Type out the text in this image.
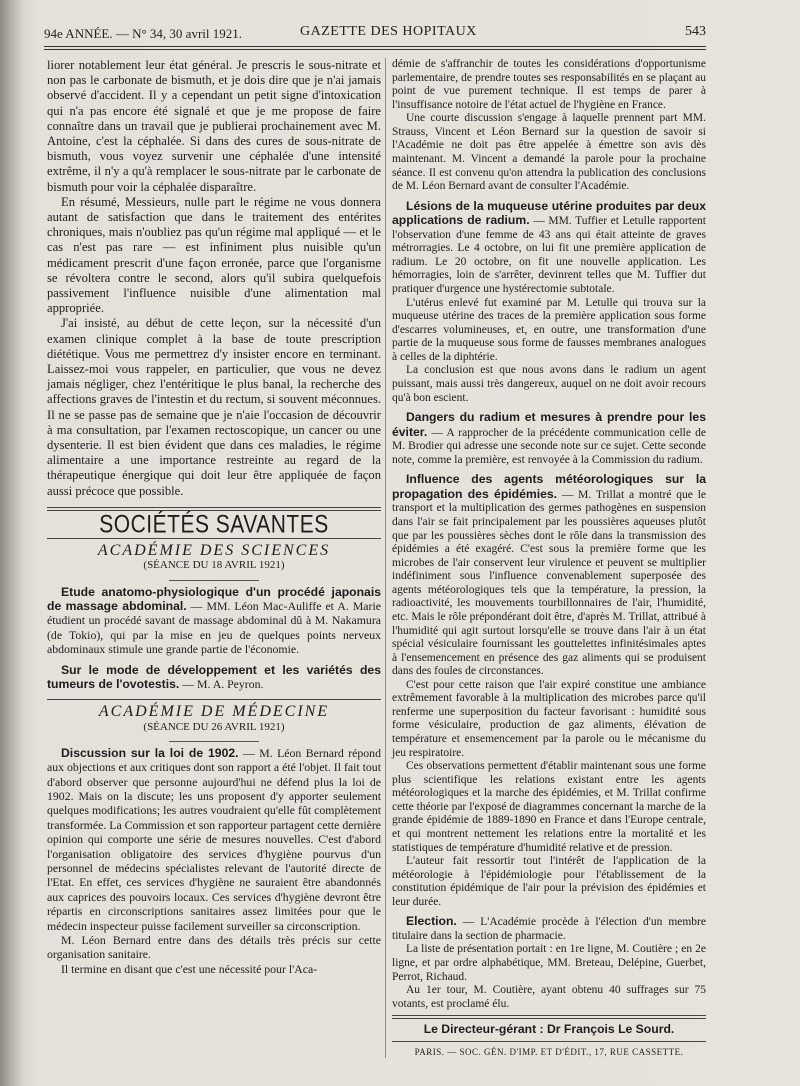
94e ANNÉE. — N° 34, 30 avril 1921.	GAZETTE DES HOPITAUX	543

liorer notablement leur état général. Je prescris le sous-nitrate et non pas le carbonate de bismuth, et je dois dire que je n'ai jamais observé d'accident. Il y a cependant un petit signe d'intoxication qui n'a pas encore été signalé et que je me propose de faire connaître dans un travail que je publierai prochainement avec M. Antoine, c'est la céphalée. Si dans des cures de sous-nitrate de bismuth, vous voyez survenir une céphalée d'une intensité extrême, il n'y a qu'à remplacer le sous-nitrate par le carbonate de bismuth pour voir la céphalée disparaître.

En résumé, Messieurs, nulle part le régime ne vous donnera autant de satisfaction que dans le traitement des entérites chroniques, mais n'oubliez pas qu'un régime mal appliqué — et le cas n'est pas rare — est infiniment plus nuisible qu'un médicament prescrit d'une façon erronée, parce que l'organisme se révoltera contre le second, alors qu'il subira quelquefois passivement l'influence nuisible d'une alimentation mal appropriée.

J'ai insisté, au début de cette leçon, sur la nécessité d'un examen clinique complet à la base de toute prescription diététique. Vous me permettrez d'y insister encore en terminant. Laissez-moi vous rappeler, en particulier, que vous ne devez jamais négliger, chez l'entéritique le plus banal, la recherche des affections graves de l'intestin et du rectum, si souvent méconnues. Il ne se passe pas de semaine que je n'aie l'occasion de découvrir à ma consultation, par l'examen rectoscopique, un cancer ou une dysenterie. Il est bien évident que dans ces maladies, le régime alimentaire a une importance restreinte au regard de la thérapeutique énergique qui doit leur être appliquée de façon aussi précoce que possible.

SOCIÉTÉS SAVANTES

ACADÉMIE DES SCIENCES

(SÉANCE DU 18 AVRIL 1921)

Etude anatomo-physiologique d'un procédé japonais de massage abdominal. — MM. Léon Mac-Auliffe et A. Marie étudient un procédé savant de massage abdominal dû à M. Nakamura (de Tokio), qui par la mise en jeu de quelques points nerveux abdominaux stimule une grande partie de l'économie.

Sur le mode de développement et les variétés des tumeurs de l'ovotestis. — M. A. Peyron.

ACADÉMIE DE MÉDECINE

(SÉANCE DU 26 AVRIL 1921)

Discussion sur la loi de 1902. — M. Léon Bernard répond aux objections et aux critiques dont son rapport a été l'objet. Il fait tout d'abord observer que personne aujourd'hui ne défend plus la loi de 1902. Mais on la discute; les uns proposent d'y apporter seulement quelques modifications; les autres voudraient qu'elle fût complètement transformée. La Commission et son rapporteur partagent cette dernière opinion qui comporte une série de mesures nouvelles. C'est d'abord l'organisation obligatoire des services d'hygiène pourvus d'un personnel de médecins spécialistes relevant de l'autorité directe de l'Etat. En effet, ces services d'hygiène ne sauraient être abandonnés aux caprices des pouvoirs locaux. Ces services d'hygiène devront être répartis en circonscriptions sanitaires assez limitées pour que le médecin inspecteur puisse facilement surveiller sa circonscription.

M. Léon Bernard entre dans des détails très précis sur cette organisation sanitaire.

Il termine en disant que c'est une nécessité pour l'Aca-

démie de s'affranchir de toutes les considérations d'opportunisme parlementaire, de prendre toutes ses responsabilités en se plaçant au point de vue purement technique. Il est temps de parer à l'insuffisance notoire de l'état actuel de l'hygiène en France.

Une courte discussion s'engage à laquelle prennent part MM. Strauss, Vincent et Léon Bernard sur la question de savoir si l'Académie ne doit pas être appelée à émettre son avis dès maintenant. M. Vincent a demandé la parole pour la prochaine séance. Il est convenu qu'on attendra la publication des conclusions de M. Léon Bernard avant de consulter l'Académie.

Lésions de la muqueuse utérine produites par deux applications de radium. — MM. Tuffier et Letulle rapportent l'observation d'une femme de 43 ans qui était atteinte de graves métrorragies. Le 4 octobre, on lui fit une première application de radium. Le 20 octobre, on fit une nouvelle application. Les hémorragies, loin de s'arrêter, devinrent telles que M. Tuffier dut pratiquer d'urgence une hystérectomie subtotale.

L'utérus enlevé fut examiné par M. Letulle qui trouva sur la muqueuse utérine des traces de la première application sous forme d'escarres volumineuses, et, en outre, une transformation d'une partie de la muqueuse sous forme de fausses membranes analogues à celles de la diphtérie.

La conclusion est que nous avons dans le radium un agent puissant, mais aussi très dangereux, auquel on ne doit avoir recours qu'à bon escient.

Dangers du radium et mesures à prendre pour les éviter. — A rapprocher de la précédente communication celle de M. Brodier qui adresse une seconde note sur ce sujet. Cette seconde note, comme la première, est renvoyée à la Commission du radium.

Influence des agents météorologiques sur la propagation des épidémies. — M. Trillat a montré que le transport et la multiplication des germes pathogènes en suspension dans l'air se fait principalement par les poussières aqueuses plutôt que par les poussières sèches dont le rôle dans la transmission des épidémies a été exagéré. C'est sous la première forme que les microbes de l'air conservent leur virulence et peuvent se multiplier indéfiniment sous l'influence convenablement superposée des agents météorologiques tels que la température, la pression, la radioactivité, les mouvements tourbillonnaires de l'air, l'humidité, etc. Mais le rôle prépondérant doit être, d'après M. Trillat, attribué à l'humidité qui agit surtout lorsqu'elle se trouve dans l'air à un état spécial vésiculaire fournissant les gouttelettes infinitésimales aptes à l'ensemencement en présence des gaz aliments qui se produisent dans des foules de circonstances.

C'est pour cette raison que l'air expiré constitue une ambiance extrêmement favorable à la multiplication des microbes parce qu'il renferme une superposition du facteur favorisant : humidité sous forme vésiculaire, production de gaz aliments, élévation de température et ensemencement par la parole ou le mécanisme du jeu respiratoire.

Ces observations permettent d'établir maintenant sous une forme plus scientifique les relations existant entre les agents météorologiques et la marche des épidémies, et M. Trillat confirme cette théorie par l'exposé de diagrammes concernant la marche de la grande épidémie de 1889-1890 en France et dans l'Europe centrale, et qui montrent nettement les relations entre la mortalité et les statistiques de température d'humidité relative et de pression.

L'auteur fait ressortir tout l'intérêt de l'application de la météorologie à l'épidémiologie pour l'établissement de la constitution épidémique de l'air pour la prévision des épidémies et leur durée.

Election. — L'Académie procède à l'élection d'un membre titulaire dans la section de pharmacie.

La liste de présentation portait : en 1re ligne, M. Coutière ; en 2e ligne, et par ordre alphabétique, MM. Breteau, Delépine, Guerbet, Perrot, Richaud.

Au 1er tour, M. Coutière, ayant obtenu 40 suffrages sur 75 votants, est proclamé élu.

Le Directeur-gérant : Dr François Le Sourd.

PARIS. — SOC. GÉN. D'IMP. ET D'ÉDIT., 17, RUE CASSETTE.
